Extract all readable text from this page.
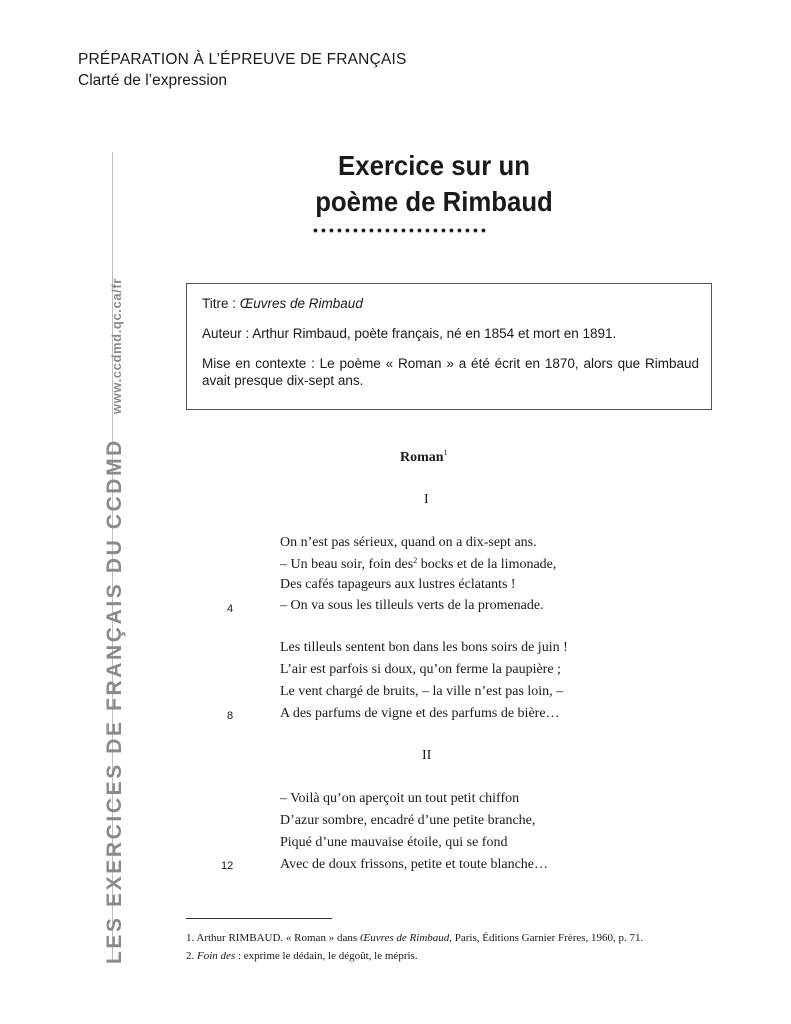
PRÉPARATION À L’ÉPREUVE DE FRANÇAIS
Clarté de l’expression
LES EXERCICES DE FRANÇAIS DU CCDMDwww.ccdmd.qc.ca/fr
Exercice sur un
poème de Rimbaud
••••••••••••••••••••••

Titre : Œuvres de Rimbaud

Auteur : Arthur Rimbaud, poète français, né en 1854 et mort en 1891.

Mise en contexte : Le poème « Roman » a été écrit en 1870, alors que Rimbaud avait presque dix-sept ans.

Roman$^1$
I
On n’est pas sérieux, quand on a dix-sept ans.
– Un beau soir, foin des$^2$ bocks et de la limonade,
Des cafés tapageurs aux lustres éclatants !
– On va sous les tilleuls verts de la promenade.
4
Les tilleuls sentent bon dans les bons soirs de juin !
L’air est parfois si doux, qu’on ferme la paupière ;
Le vent chargé de bruits, – la ville n’est pas loin, –
A des parfums de vigne et des parfums de bière…
8
II
– Voilà qu’on aperçoit un tout petit chiffon
D’azur sombre, encadré d’une petite branche,
Piqué d’une mauvaise étoile, qui se fond
Avec de doux frissons, petite et toute blanche…
12
1. Arthur RIMBAUD. « Roman » dans Œuvres de Rimbaud, Paris, Éditions Garnier Frères, 1960, p. 71.
2. Foin des : exprime le dédain, le dégoût, le mépris.
